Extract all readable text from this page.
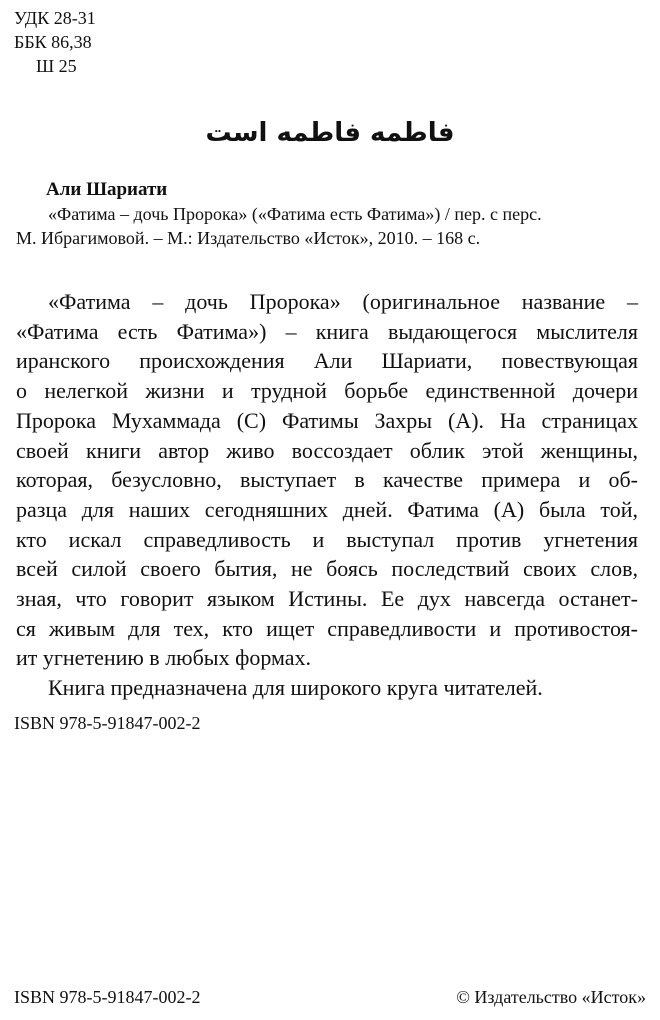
УДК 28-31
ББК 86,38
Ш 25
فاطمه فاطمه است
Али Шариати
«Фатима – дочь Пророка» («Фатима есть Фатима») / пер. с перс.
М. Ибрагимовой. – М.: Издательство «Исток», 2010. – 168 с.
«Фатима – дочь Пророка» (оригинальное название –
«Фатима есть Фатима») – книга выдающегося мыслителя
иранского происхождения Али Шариати, повествующая
о нелегкой жизни и трудной борьбе единственной дочери
Пророка Мухаммада (С) Фатимы Захры (А). На страницах
своей книги автор живо воссоздает облик этой женщины,
которая, безусловно, выступает в качестве примера и об-
разца для наших сегодняшних дней. Фатима (А) была той,
кто искал справедливость и выступал против угнетения
всей силой своего бытия, не боясь последствий своих слов,
зная, что говорит языком Истины. Ее дух навсегда останет-
ся живым для тех, кто ищет справедливости и противостоя-
ит угнетению в любых формах.
Книга предназначена для широкого круга читателей.
ISBN 978-5-91847-002-2
ISBN 978-5-91847-002-2	© Издательство «Исток»
